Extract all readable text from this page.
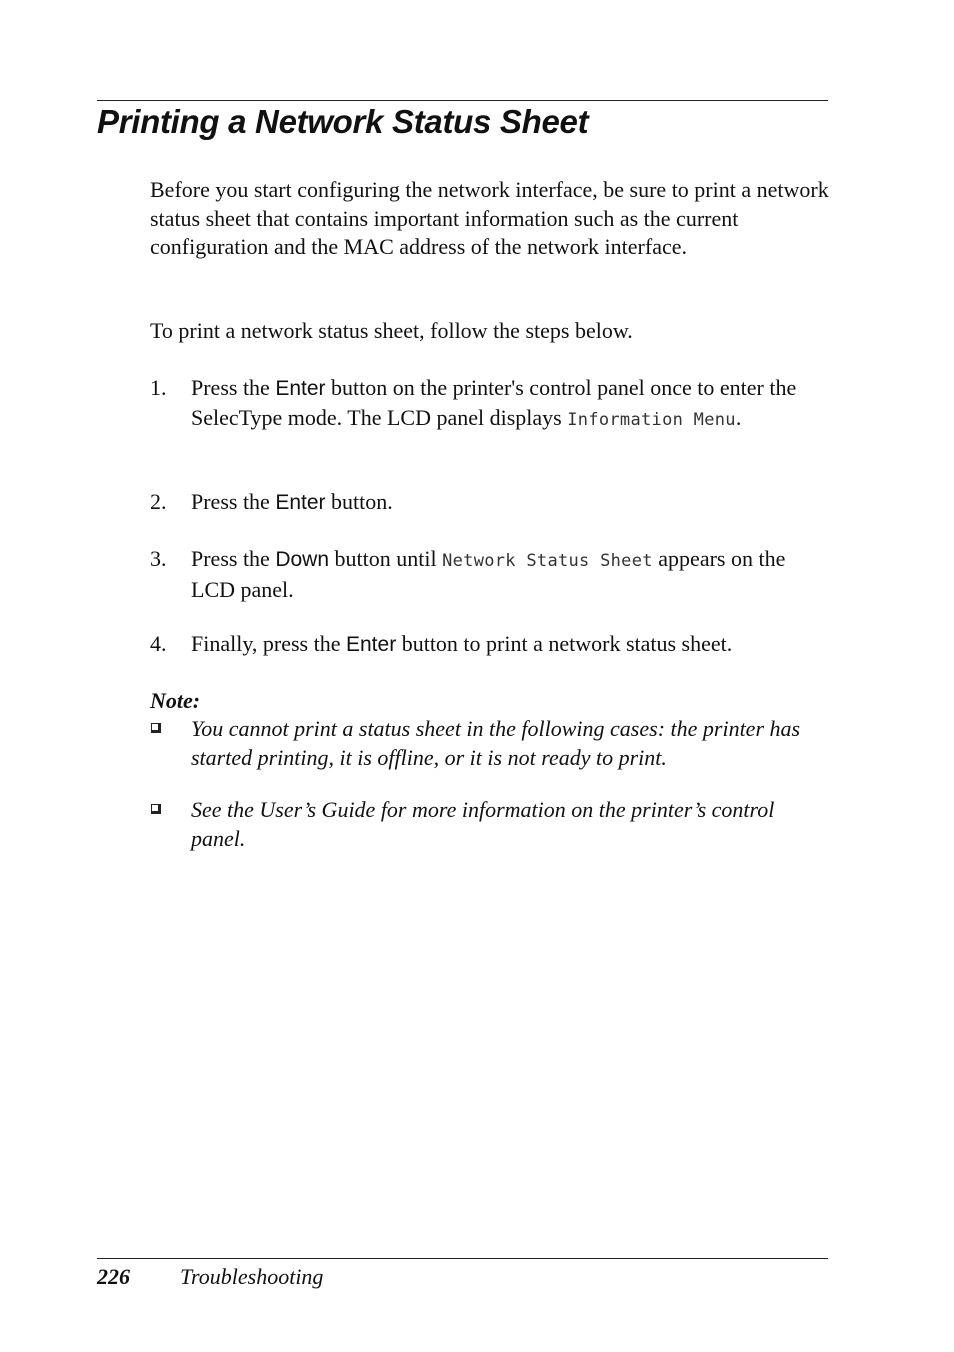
Printing a Network Status Sheet

Before you start configuring the network interface, be sure to print a network status sheet that contains important information such as the current configuration and the MAC address of the network interface.

To print a network status sheet, follow the steps below.

1. Press the Enter button on the printer's control panel once to enter the SelecType mode. The LCD panel displays Information Menu.
2. Press the Enter button.
3. Press the Down button until Network Status Sheet appears on the LCD panel.
4. Finally, press the Enter button to print a network status sheet.
Note:
You cannot print a status sheet in the following cases: the printer has started printing, it is offline, or it is not ready to print.
See the User’s Guide for more information on the printer’s control panel.
226 Troubleshooting
